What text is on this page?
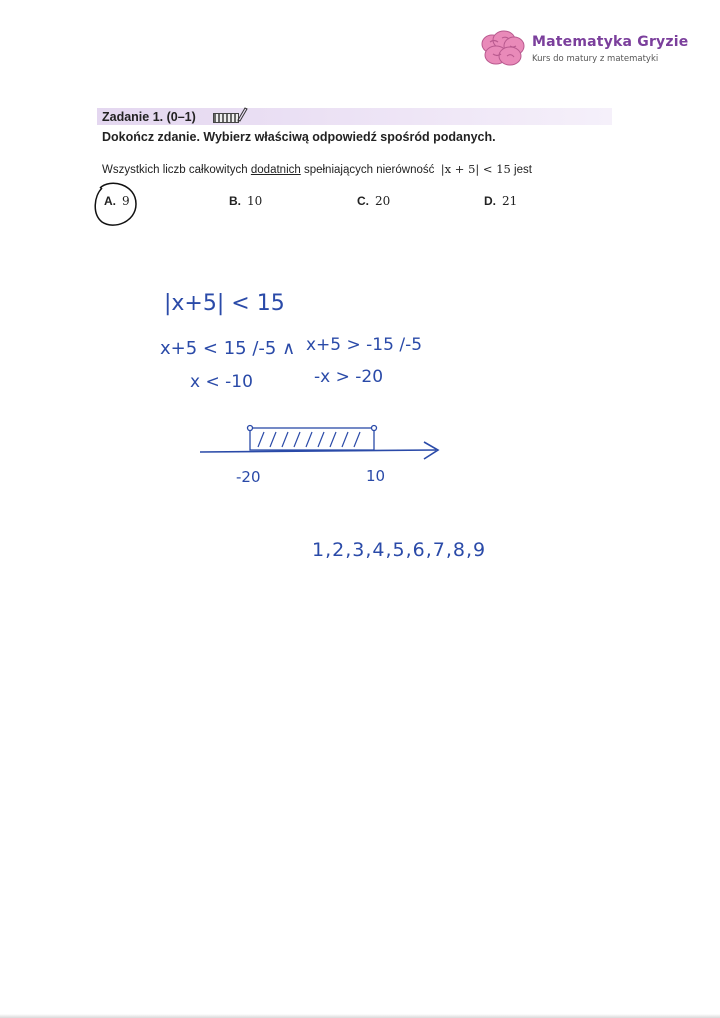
Matematyka Gryzie
Kurs do matury z matematyki
Zadanie 1. (0–1)
Dokończ zdanie. Wybierz właściwą odpowiedź spośród podanych.
Wszystkich liczb całkowitych dodatnich spełniających nierówność  |x + 5| < 15 jest
A. 9	B. 10	C. 20	D. 21
|x+5| < 15
x+5 < 15 /-5 ∧ x+5 > -15 /-5
x < -10	-x > -20
-20	10
1,2,3,4,5,6,7,8,9
